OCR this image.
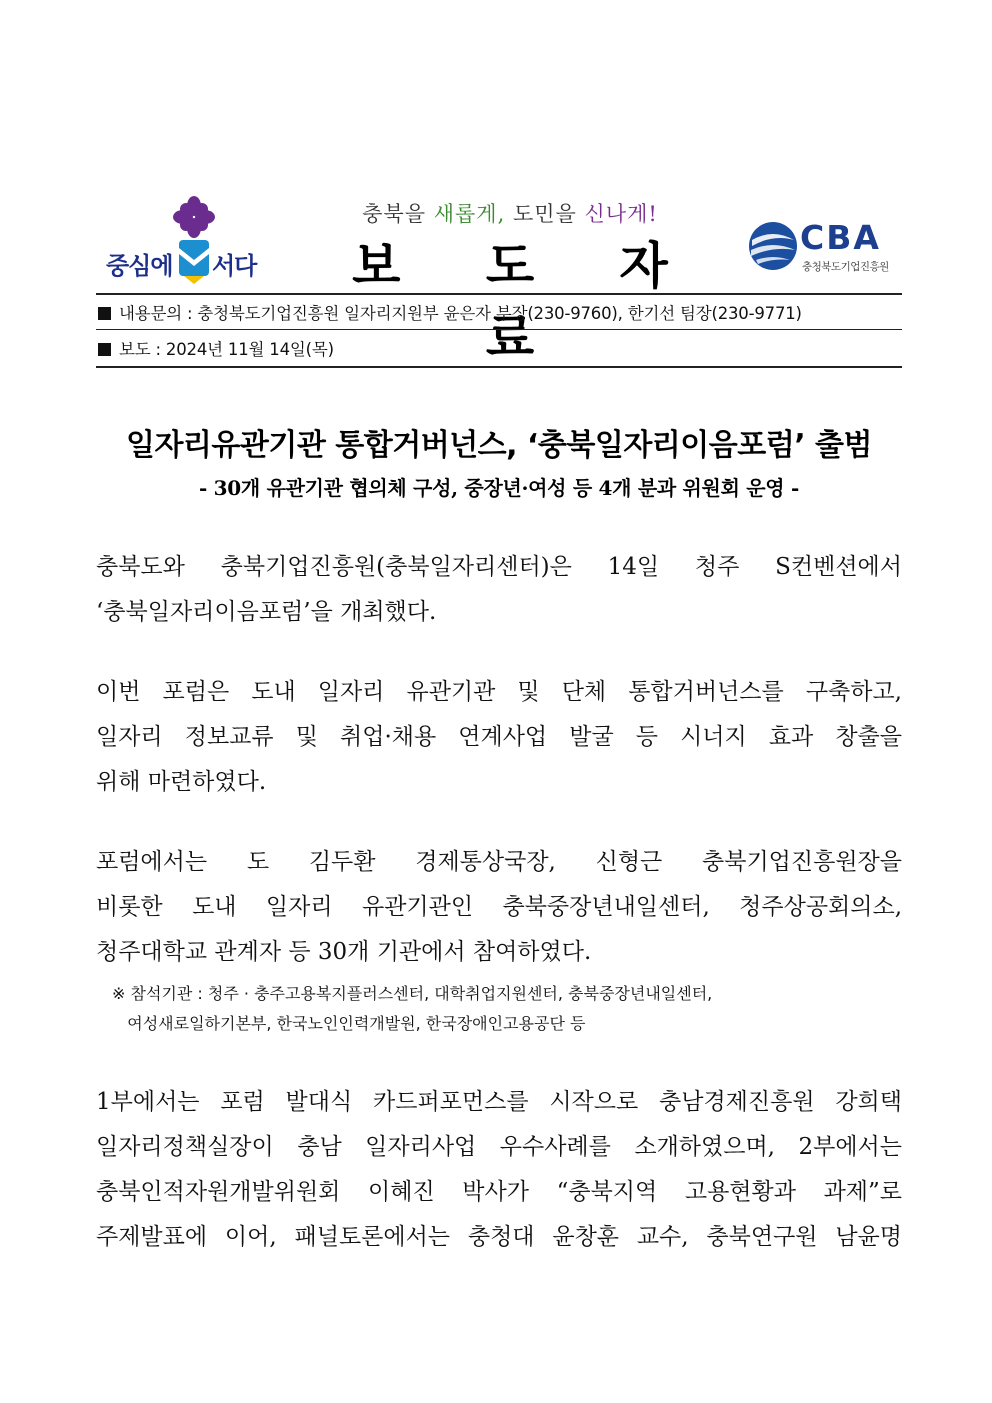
중심에 서다
충북을 새롭게, 도민을 신나게!
보 도 자 료
CBA
충청북도기업진흥원
내용문의 : 충청북도기업진흥원 일자리지원부 윤은자 부장(230-9760), 한기선 팀장(230-9771)
보도 : 2024년 11월 14일(목)
일자리유관기관 통합거버넌스, ‘충북일자리이음포럼’ 출범
- 30개 유관기관 협의체 구성, 중장년·여성 등 4개 분과 위원회 운영 -
충북도와 충북기업진흥원(충북일자리센터)은 14일 청주 S컨벤션에서
‘충북일자리이음포럼’을 개최했다.
이번 포럼은 도내 일자리 유관기관 및 단체 통합거버넌스를 구축하고,
일자리 정보교류 및 취업·채용 연계사업 발굴 등 시너지 효과 창출을
위해 마련하였다.
포럼에서는 도 김두환 경제통상국장, 신형근 충북기업진흥원장을
비롯한 도내 일자리 유관기관인 충북중장년내일센터, 청주상공회의소,
청주대학교 관계자 등 30개 기관에서 참여하였다.
※ 참석기관 : 청주 · 충주고용복지플러스센터, 대학취업지원센터, 충북중장년내일센터,
여성새로일하기본부, 한국노인인력개발원, 한국장애인고용공단 등
1부에서는 포럼 발대식 카드퍼포먼스를 시작으로 충남경제진흥원 강희택
일자리정책실장이 충남 일자리사업 우수사례를 소개하였으며, 2부에서는
충북인적자원개발위원회 이혜진 박사가 “충북지역 고용현황과 과제”로
주제발표에 이어, 패널토론에서는 충청대 윤창훈 교수, 충북연구원 남윤명
